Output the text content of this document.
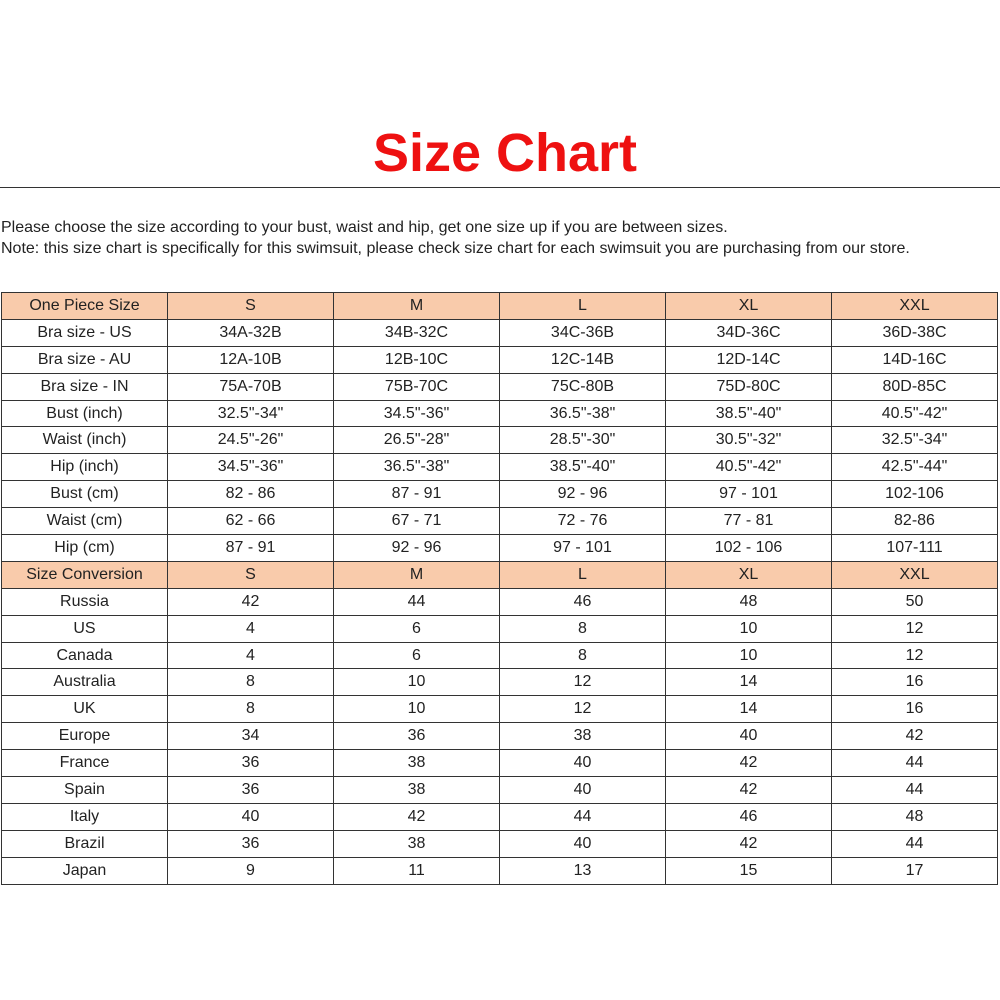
Size Chart
Please choose the size according to your bust, waist and hip, get one size up if you are between sizes.
Note: this size chart is specifically for this swimsuit, please check size chart for each swimsuit you are purchasing from our store.
One Piece Size	S	M	L	XL	XXL
Bra size - US	34A-32B	34B-32C	34C-36B	34D-36C	36D-38C
Bra size - AU	12A-10B	12B-10C	12C-14B	12D-14C	14D-16C
Bra size - IN	75A-70B	75B-70C	75C-80B	75D-80C	80D-85C
Bust (inch)	32.5"-34"	34.5"-36"	36.5"-38"	38.5"-40"	40.5"-42"
Waist (inch)	24.5"-26"	26.5"-28"	28.5"-30"	30.5"-32"	32.5"-34"
Hip (inch)	34.5"-36"	36.5"-38"	38.5"-40"	40.5"-42"	42.5"-44"
Bust (cm)	82 - 86	87 - 91	92 - 96	97 - 101	102-106
Waist (cm)	62 - 66	67 - 71	72 - 76	77 - 81	82-86
Hip (cm)	87 - 91	92 - 96	97 - 101	102 - 106	107-111
Size Conversion	S	M	L	XL	XXL
Russia	42	44	46	48	50
US	4	6	8	10	12
Canada	4	6	8	10	12
Australia	8	10	12	14	16
UK	8	10	12	14	16
Europe	34	36	38	40	42
France	36	38	40	42	44
Spain	36	38	40	42	44
Italy	40	42	44	46	48
Brazil	36	38	40	42	44
Japan	9	11	13	15	17
